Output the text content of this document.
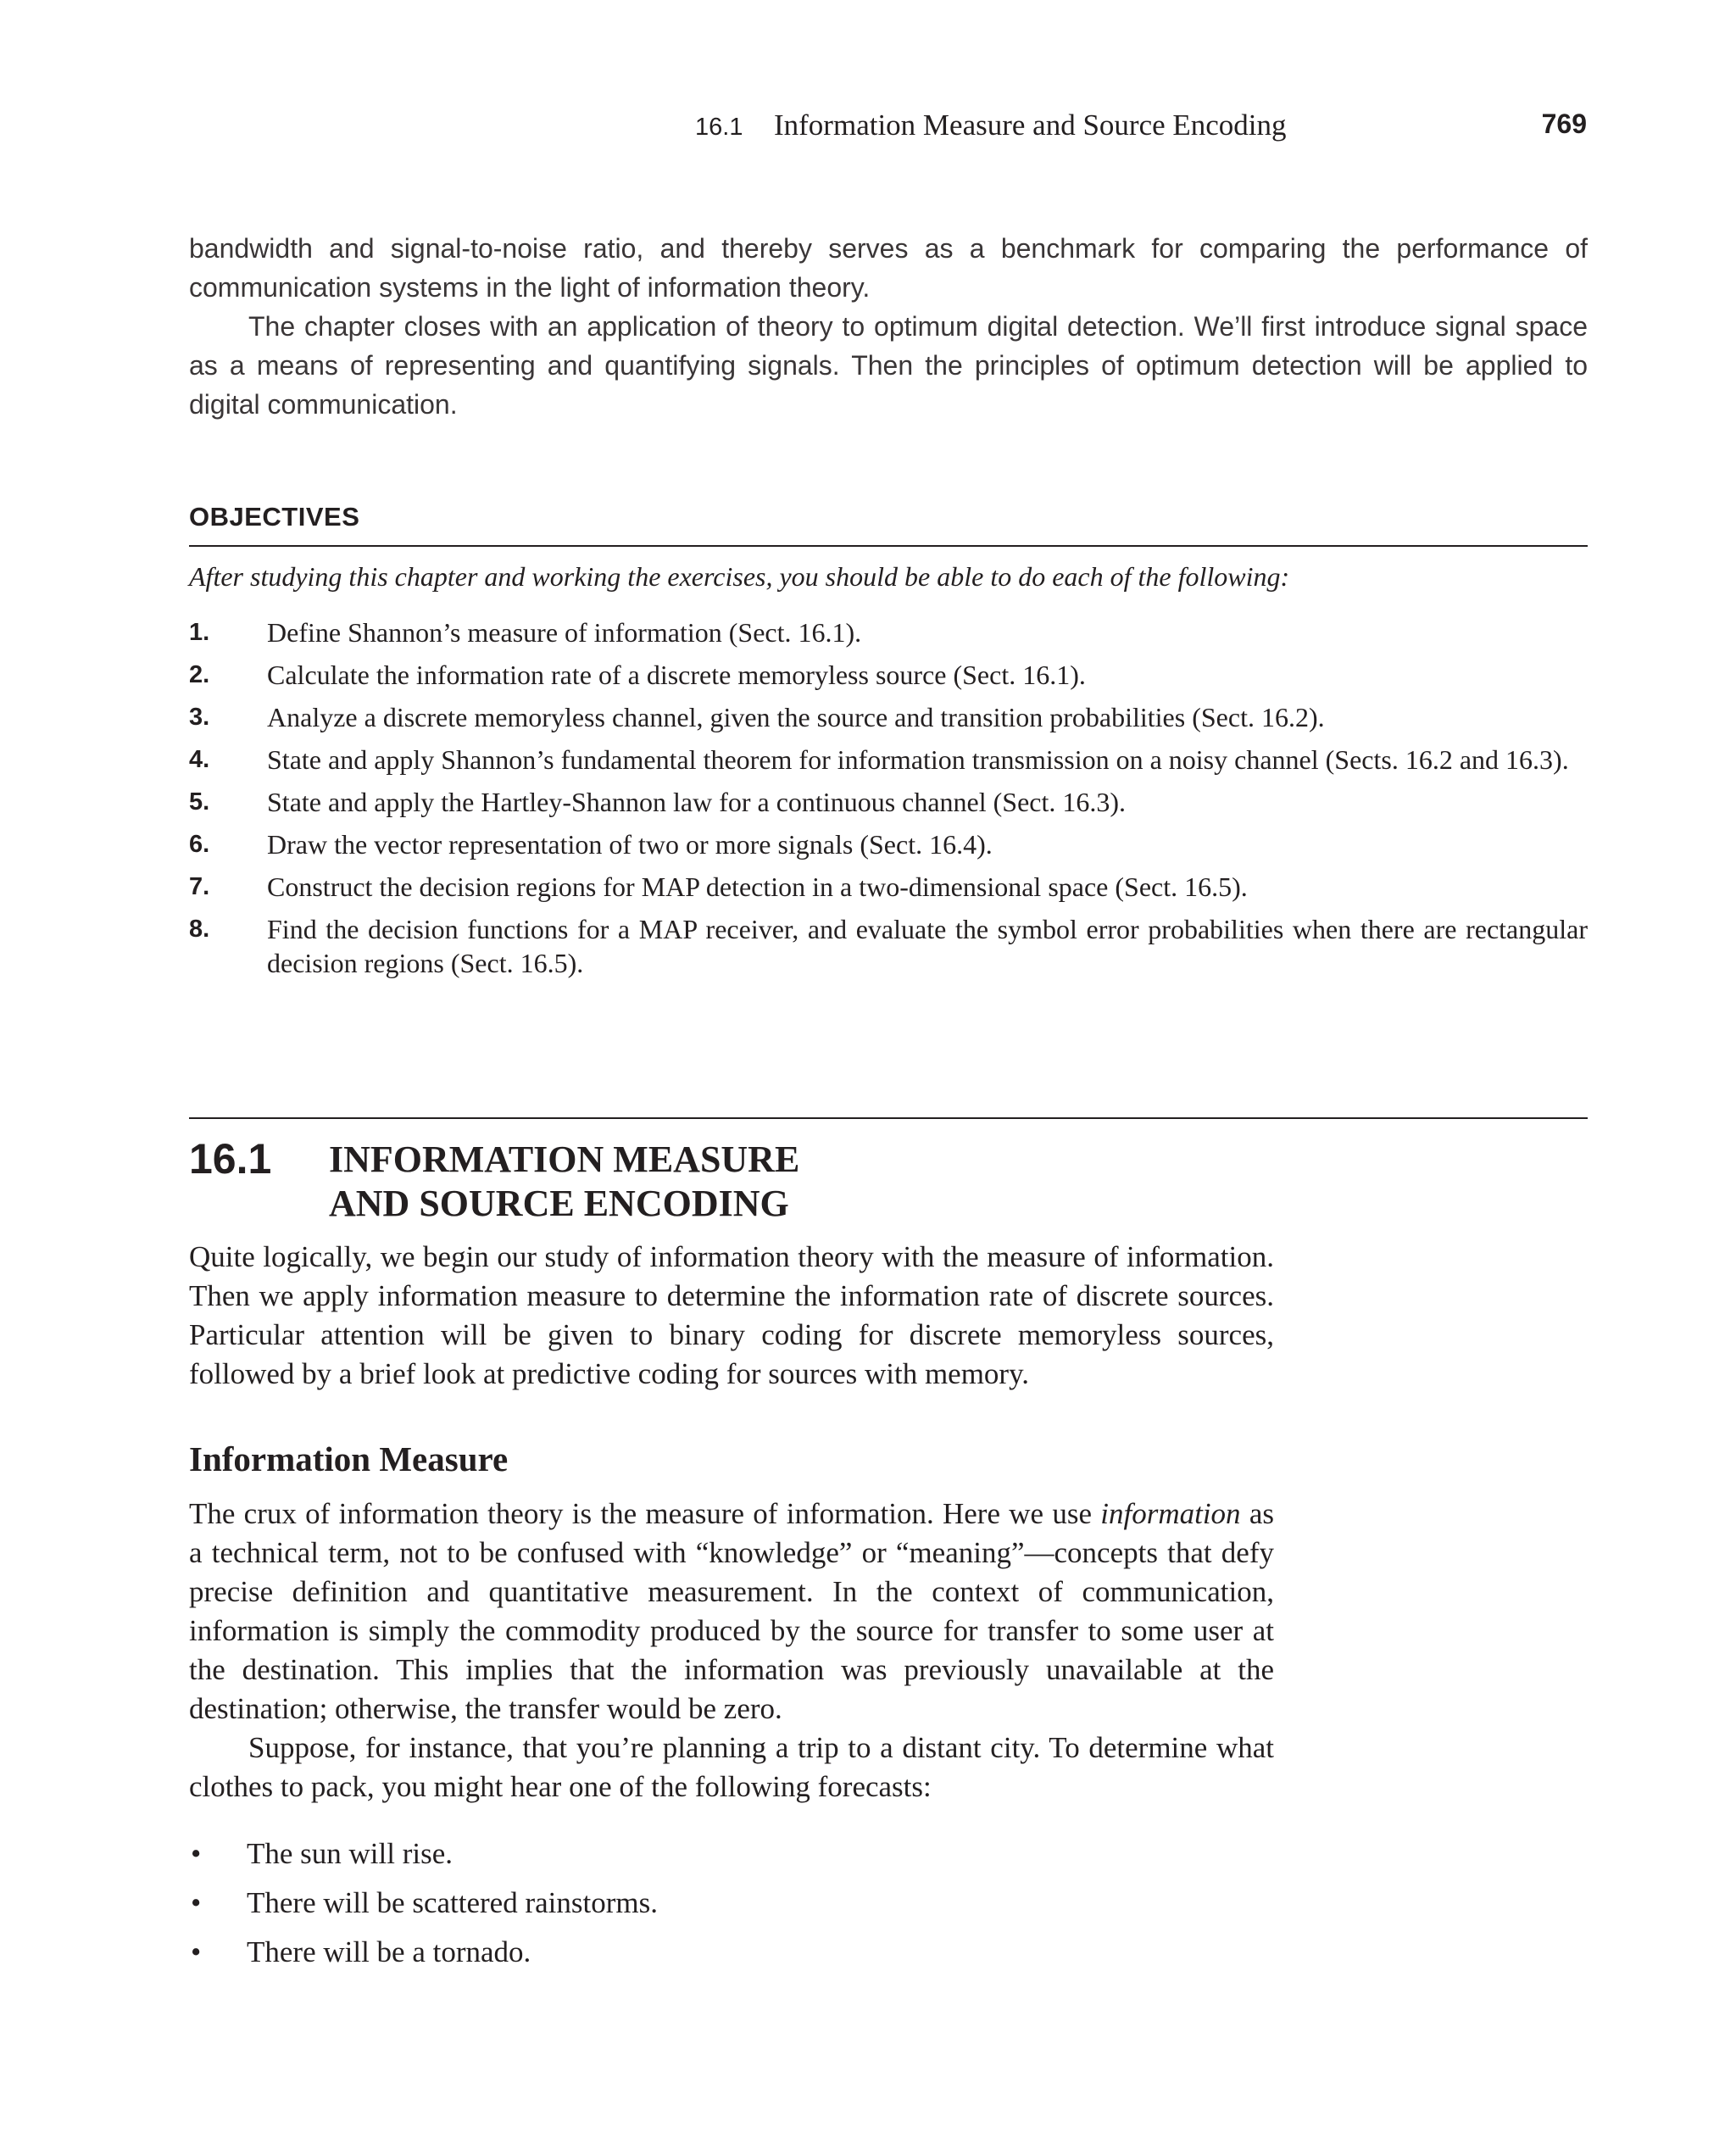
16.1 Information Measure and Source Encoding	769

bandwidth and signal-to-noise ratio, and thereby serves as a benchmark for comparing the performance of communication systems in the light of information theory.

The chapter closes with an application of theory to optimum digital detection. We’ll first introduce signal space as a means of representing and quantifying signals. Then the principles of optimum detection will be applied to digital communication.

OBJECTIVES
After studying this chapter and working the exercises, you should be able to do each of the following:
1. Define Shannon’s measure of information (Sect. 16.1).
2. Calculate the information rate of a discrete memoryless source (Sect. 16.1).
3. Analyze a discrete memoryless channel, given the source and transition probabilities (Sect. 16.2).
4. State and apply Shannon’s fundamental theorem for information transmission on a noisy channel (Sects. 16.2 and 16.3).
5. State and apply the Hartley-Shannon law for a continuous channel (Sect. 16.3).
6. Draw the vector representation of two or more signals (Sect. 16.4).
7. Construct the decision regions for MAP detection in a two-dimensional space (Sect. 16.5).
8. Find the decision functions for a MAP receiver, and evaluate the symbol error probabilities when there are rectangular decision regions (Sect. 16.5).
16.1 INFORMATION MEASURE
AND SOURCE ENCODING

Quite logically, we begin our study of information theory with the measure of information. Then we apply information measure to determine the information rate of discrete sources. Particular attention will be given to binary coding for discrete memoryless sources, followed by a brief look at predictive coding for sources with memory.

Information Measure

The crux of information theory is the measure of information. Here we use information as a technical term, not to be confused with “knowledge” or “meaning”—concepts that defy precise definition and quantitative measurement. In the context of communication, information is simply the commodity produced by the source for transfer to some user at the destination. This implies that the information was previously unavailable at the destination; otherwise, the transfer would be zero.

Suppose, for instance, that you’re planning a trip to a distant city. To determine what clothes to pack, you might hear one of the following forecasts:

• The sun will rise.
• There will be scattered rainstorms.
• There will be a tornado.
